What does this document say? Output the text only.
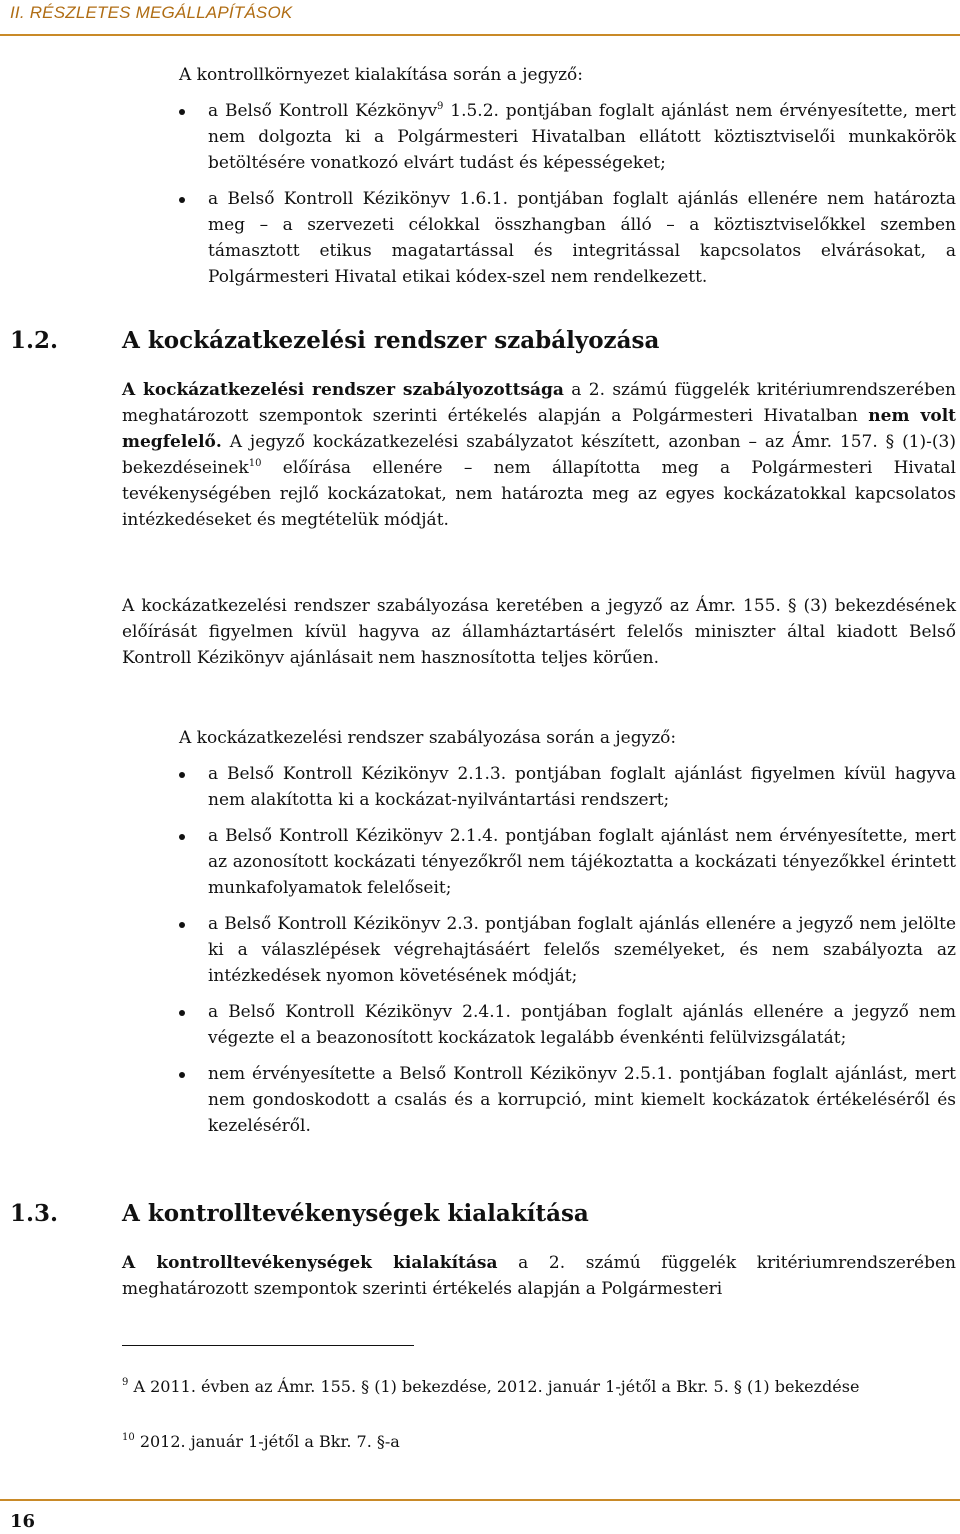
II. RÉSZLETES MEGÁLLAPÍTÁSOK
A kontrollkörnyezet kialakítása során a jegyző:
a Belső Kontroll Kézkönyv$^9$ 1.5.2. pontjában foglalt ajánlást nem érvényesítette, mert nem dolgozta ki a Polgármesteri Hivatalban ellátott köztisztviselői munkakörök betöltésére vonatkozó elvárt tudást és képességeket;
a Belső Kontroll Kézikönyv 1.6.1. pontjában foglalt ajánlás ellenére nem határozta meg – a szervezeti célokkal összhangban álló – a köztisztviselőkkel szemben támasztott etikus magatartással és integritással kapcsolatos elvárásokat, a Polgármesteri Hivatal etikai kódex-szel nem rendelkezett.
1.2.	A kockázatkezelési rendszer szabályozása
A kockázatkezelési rendszer szabályozottsága a 2. számú függelék kritériumrendszerében meghatározott szempontok szerinti értékelés alapján a Polgármesteri Hivatalban nem volt megfelelő. A jegyző kockázatkezelési szabályzatot készített, azonban – az Ámr. 157. § (1)-(3) bekezdéseinek$^{10}$ előírása ellenére – nem állapította meg a Polgármesteri Hivatal tevékenységében rejlő kockázatokat, nem határozta meg az egyes kockázatokkal kapcsolatos intézkedéseket és megtételük módját.
A kockázatkezelési rendszer szabályozása keretében a jegyző az Ámr. 155. § (3) bekezdésének előírását figyelmen kívül hagyva az államháztartásért felelős miniszter által kiadott Belső Kontroll Kézikönyv ajánlásait nem hasznosította teljes körűen.
A kockázatkezelési rendszer szabályozása során a jegyző:
a Belső Kontroll Kézikönyv 2.1.3. pontjában foglalt ajánlást figyelmen kívül hagyva nem alakította ki a kockázat-nyilvántartási rendszert;
a Belső Kontroll Kézikönyv 2.1.4. pontjában foglalt ajánlást nem érvényesítette, mert az azonosított kockázati tényezőkről nem tájékoztatta a kockázati tényezőkkel érintett munkafolyamatok felelőseit;
a Belső Kontroll Kézikönyv 2.3. pontjában foglalt ajánlás ellenére a jegyző nem jelölte ki a válaszlépések végrehajtásáért felelős személyeket, és nem szabályozta az intézkedések nyomon követésének módját;
a Belső Kontroll Kézikönyv 2.4.1. pontjában foglalt ajánlás ellenére a jegyző nem végezte el a beazonosított kockázatok legalább évenkénti felülvizsgálatát;
nem érvényesítette a Belső Kontroll Kézikönyv 2.5.1. pontjában foglalt ajánlást, mert nem gondoskodott a csalás és a korrupció, mint kiemelt kockázatok értékeléséről és kezeléséről.
1.3.	A kontrolltevékenységek kialakítása
A kontrolltevékenységek kialakítása a 2. számú függelék kritériumrendszerében meghatározott szempontok szerinti értékelés alapján a Polgármesteri
$^9$ A 2011. évben az Ámr. 155. § (1) bekezdése, 2012. január 1-jétől a Bkr. 5. § (1) bekezdése
$^{10}$ 2012. január 1-jétől a Bkr. 7. §-a
16
